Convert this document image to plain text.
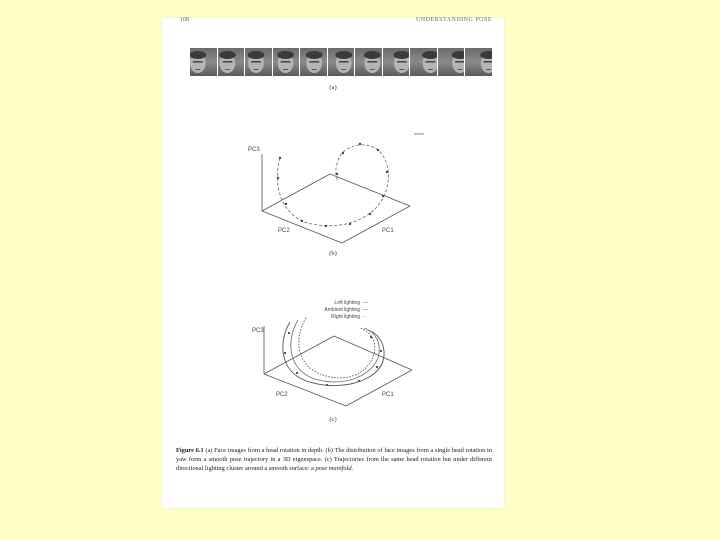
108	UNDERSTANDING POSE
(a)
PC3
PC2	PC1
(b)
Left lighting
Ambient lighting
Right lighting
—
—
··
PC3
PC2	PC1
(c)
Figure 6.1 (a) Face images from a head rotation in depth. (b) The distribution of face images from a single head rotation in yaw form a smooth pose trajectory in a 3D eigenspace. (c) Trajectories from the same head rotation but under different directional lighting cluster around a smooth surface: a pose manifold.
